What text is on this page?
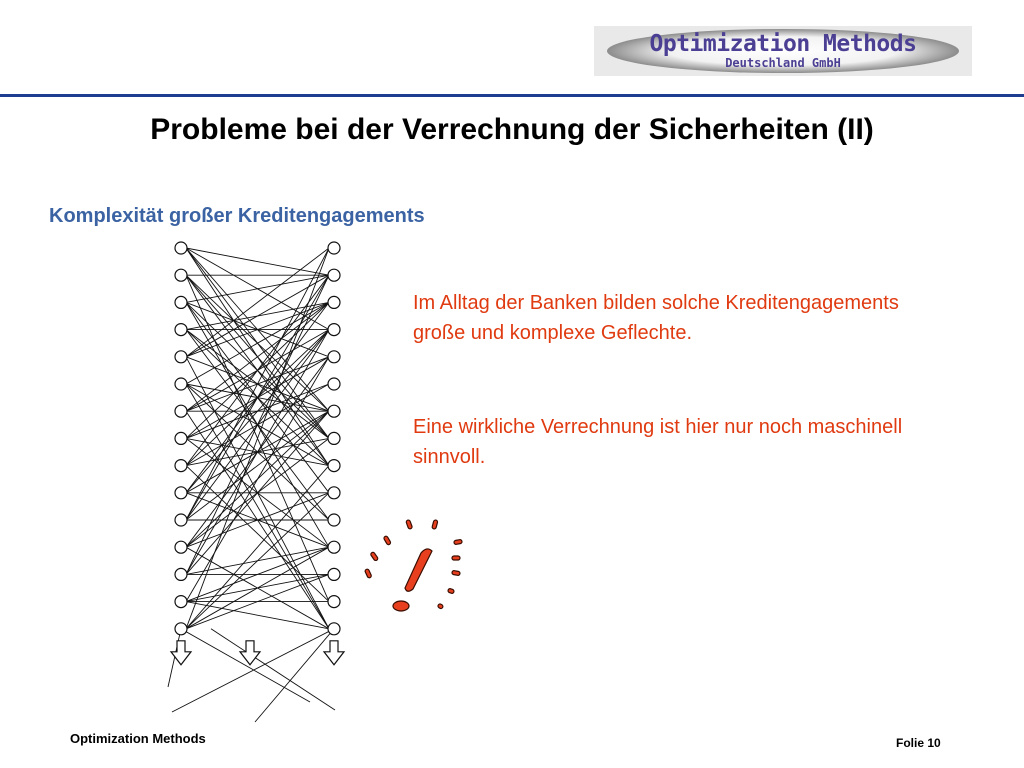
Optimization Methods
Deutschland GmbH
Probleme bei der Verrechnung der Sicherheiten (II)
Komplexität großer Kreditengagements
Im Alltag der Banken bilden solche Kreditengagements große und komplexe Geflechte.
Eine wirkliche Verrechnung ist hier nur noch maschinell sinnvoll.
Optimization Methods	Folie 10
